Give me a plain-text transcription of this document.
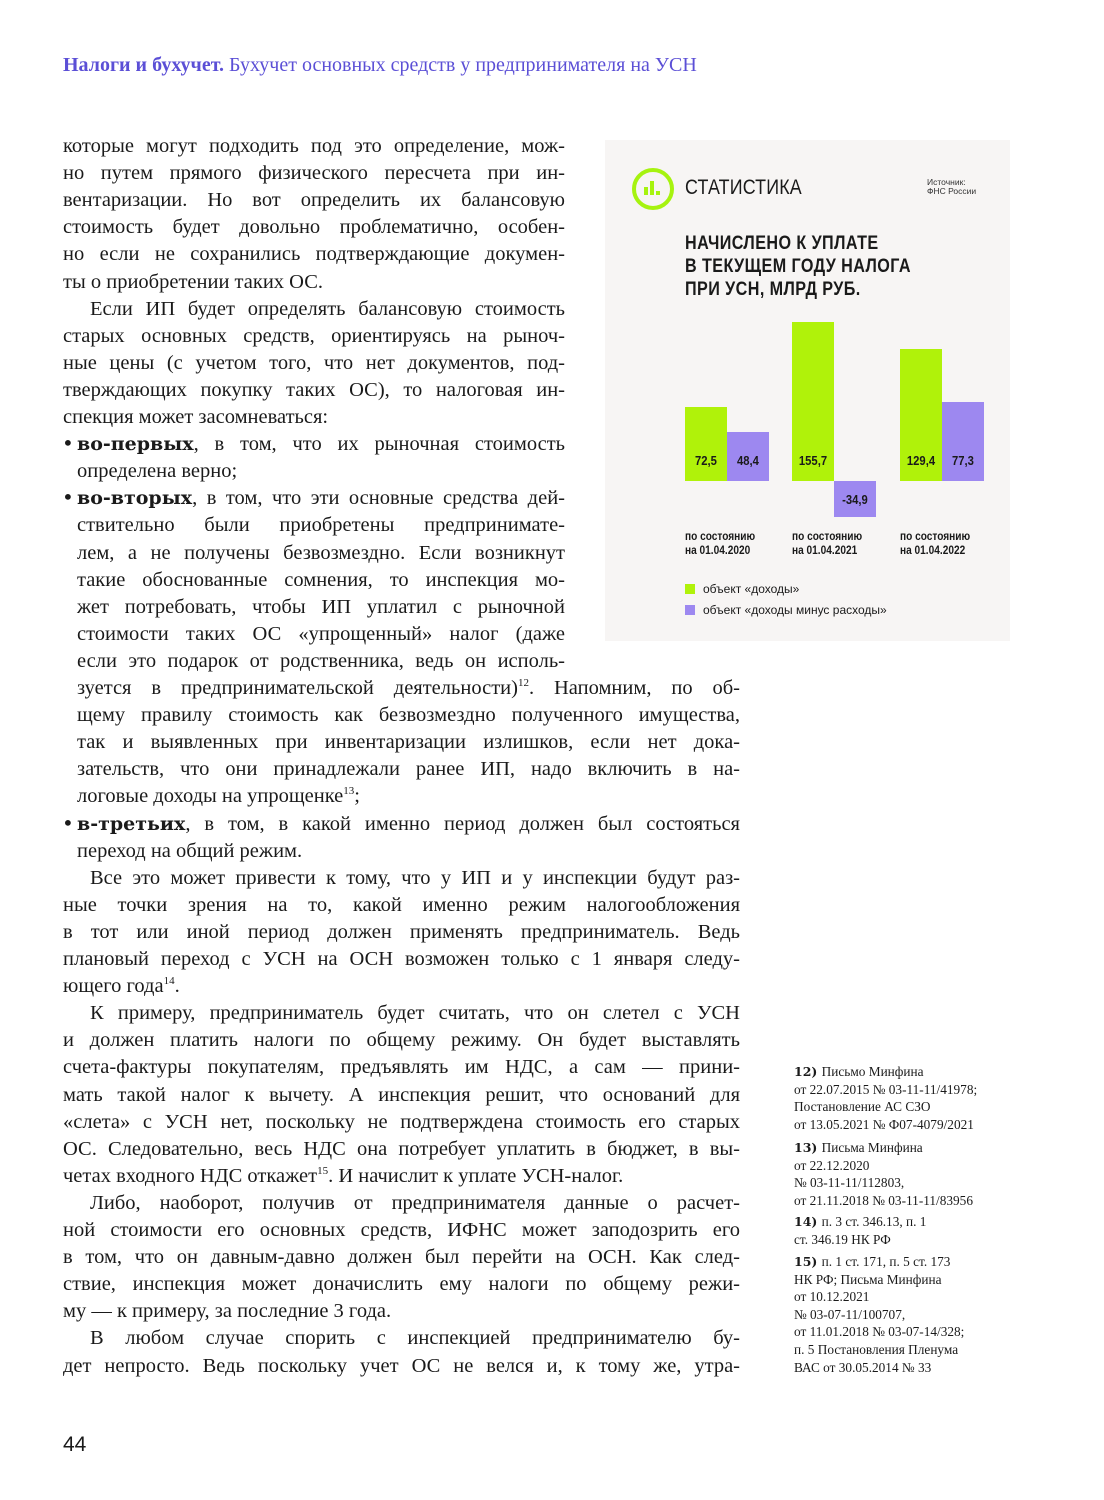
Налоги и бухучет. Бухучет основных средств у предпринимателя на УСН
которые могут подходить под это определение, мож-
но путем прямого физического пересчета при ин-
вентаризации. Но вот определить их балансовую
стоимость будет довольно проблематично, особен-
но если не сохранились подтверждающие докумен-
ты о приобретении таких ОС.
Если ИП будет определять балансовую стоимость
старых основных средств, ориентируясь на рыноч-
ные цены (с учетом того, что нет документов, под-
тверждающих покупку таких ОС), то налоговая ин-
спекция может засомневаться:
• во-первых, в том, что их рыночная стоимость
определена верно;
• во-вторых, в том, что эти основные средства дей-
ствительно были приобретены предпринимате-
лем, а не получены безвозмездно. Если возникнут
такие обоснованные сомнения, то инспекция мо-
жет потребовать, чтобы ИП уплатил с рыночной
стоимости таких ОС «упрощенный» налог (даже
если это подарок от родственника, ведь он исполь-
зуется в предпринимательской деятельности)$^{12}$. Напомним, по об-
щему правилу стоимость как безвозмездно полученного имущества,
так и выявленных при инвентаризации излишков, если нет дока-
зательств, что они принадлежали ранее ИП, надо включить в на-
логовые доходы на упрощенке$^{13}$;
• в-третьих, в том, в какой именно период должен был состояться
переход на общий режим.
Все это может привести к тому, что у ИП и у инспекции будут раз-
ные точки зрения на то, какой именно режим налогообложения
в тот или иной период должен применять предприниматель. Ведь
плановый переход с УСН на ОСН возможен только с 1 января следу-
ющего года$^{14}$.
К примеру, предприниматель будет считать, что он слетел с УСН
и должен платить налоги по общему режиму. Он будет выставлять
счета-фактуры покупателям, предъявлять им НДС, а сам — прини-
мать такой налог к вычету. А инспекция решит, что оснований для
«слета» с УСН нет, поскольку не подтверждена стоимость его старых
ОС. Следовательно, весь НДС она потребует уплатить в бюджет, в вы-
четах входного НДС откажет$^{15}$. И начислит к уплате УСН-налог.
Либо, наоборот, получив от предпринимателя данные о расчет-
ной стоимости его основных средств, ИФНС может заподозрить его
в том, что он давным-давно должен был перейти на ОСН. Как след-
ствие, инспекция может доначислить ему налоги по общему режи-
му — к примеру, за последние 3 года.
В любом случае спорить с инспекцией предпринимателю бу-
дет непросто. Ведь поскольку учет ОС не велся и, к тому же, утра-
СТАТИСТИКА	Источник:
ФНС России
НАЧИСЛЕНО К УПЛАТЕ
В ТЕКУЩЕМ ГОДУ НАЛОГА
ПРИ УСН, МЛРД РУБ.
72,5	48,4
по состоянию
на 01.04.2020
155,7
-34,9
по состоянию
на 01.04.2021
129,4	77,3
по состоянию
на 01.04.2022
объект «доходы»
объект «доходы минус расходы»
12) Письмо Минфина
от 22.07.2015 № 03-11-11/41978;
Постановление АС СЗО
от 13.05.2021 № Ф07-4079/2021
13) Письма Минфина
от 22.12.2020
№ 03-11-11/112803,
от 21.11.2018 № 03-11-11/83956
14) п. 3 ст. 346.13, п. 1
ст. 346.19 НК РФ
15) п. 1 ст. 171, п. 5 ст. 173
НК РФ; Письма Минфина
от 10.12.2021
№ 03-07-11/100707,
от 11.01.2018 № 03-07-14/328;
п. 5 Постановления Пленума
ВАС от 30.05.2014 № 33
44
